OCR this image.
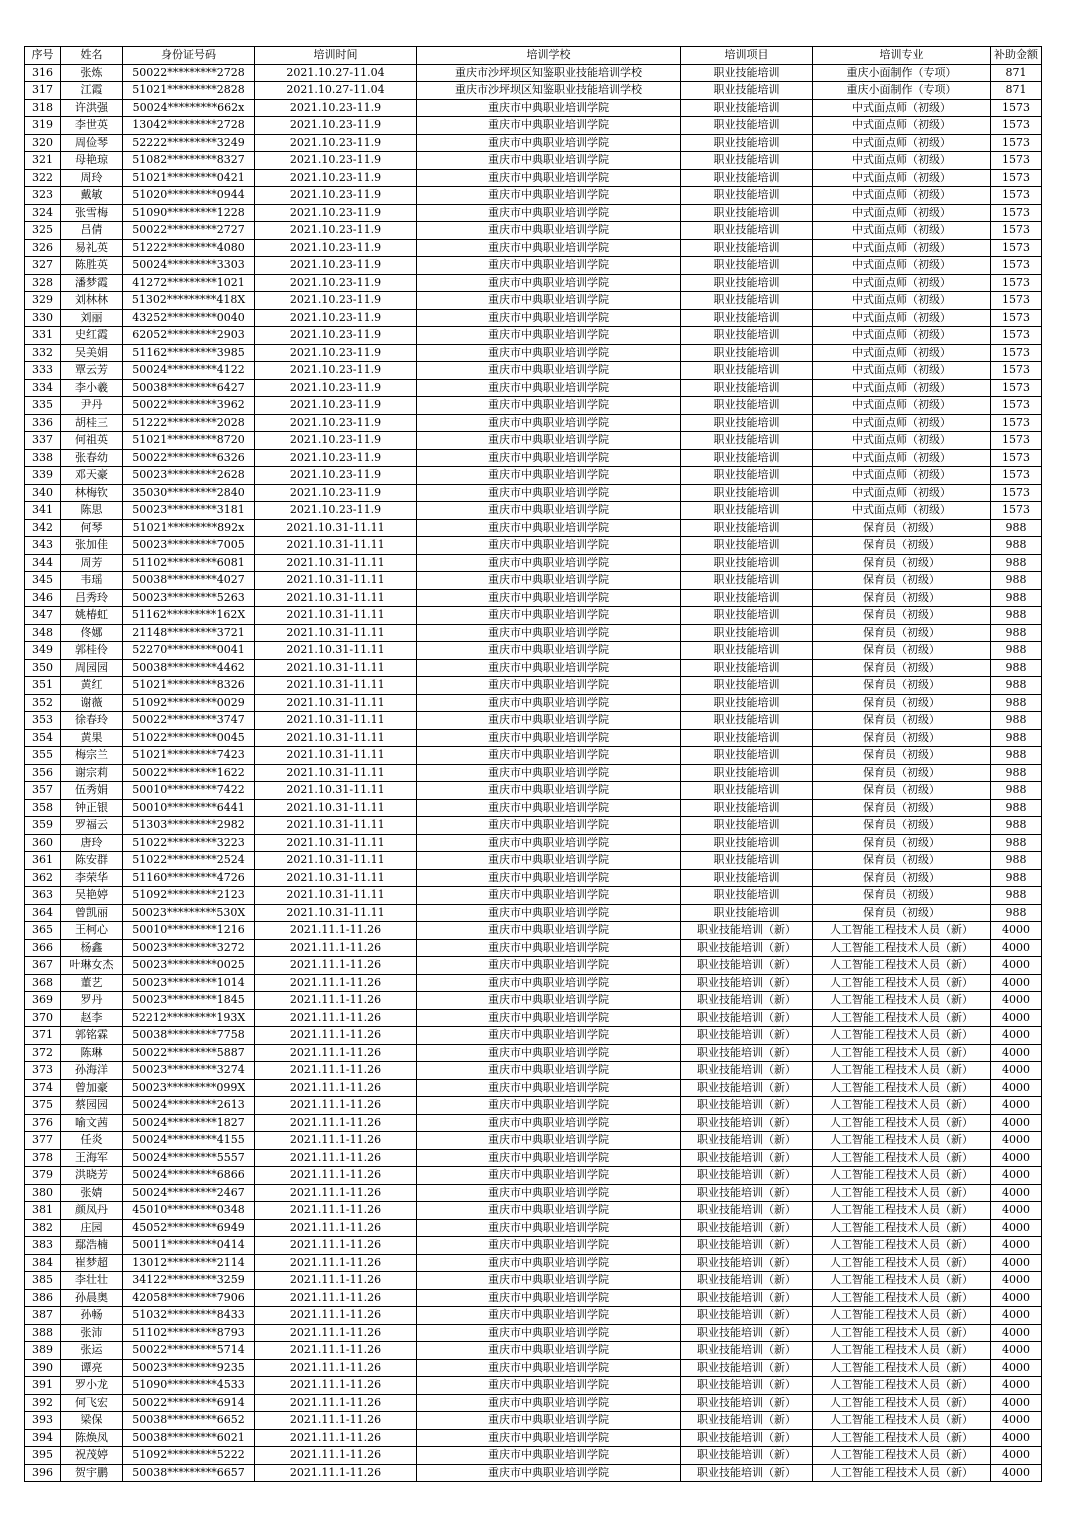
序号	姓名	身份证号码	培训时间	培训学校	培训项目	培训专业	补助金额
316	张炼	50022*********2728	2021.10.27-11.04	重庆市沙坪坝区知鉴职业技能培训学校	职业技能培训	重庆小面制作（专项）	871
317	江霞	51021*********2828	2021.10.27-11.04	重庆市沙坪坝区知鉴职业技能培训学校	职业技能培训	重庆小面制作（专项）	871
318	许洪强	50024*********662x	2021.10.23-11.9	重庆市中典职业培训学院	职业技能培训	中式面点师（初级）	1573
319	李世英	13042*********2728	2021.10.23-11.9	重庆市中典职业培训学院	职业技能培训	中式面点师（初级）	1573
320	周俭琴	52222*********3249	2021.10.23-11.9	重庆市中典职业培训学院	职业技能培训	中式面点师（初级）	1573
321	母艳琼	51082*********8327	2021.10.23-11.9	重庆市中典职业培训学院	职业技能培训	中式面点师（初级）	1573
322	周玲	51021*********0421	2021.10.23-11.9	重庆市中典职业培训学院	职业技能培训	中式面点师（初级）	1573
323	戴敏	51020*********0944	2021.10.23-11.9	重庆市中典职业培训学院	职业技能培训	中式面点师（初级）	1573
324	张雪梅	51090*********1228	2021.10.23-11.9	重庆市中典职业培训学院	职业技能培训	中式面点师（初级）	1573
325	吕倩	50022*********2727	2021.10.23-11.9	重庆市中典职业培训学院	职业技能培训	中式面点师（初级）	1573
326	易礼英	51222*********4080	2021.10.23-11.9	重庆市中典职业培训学院	职业技能培训	中式面点师（初级）	1573
327	陈胜英	50024*********3303	2021.10.23-11.9	重庆市中典职业培训学院	职业技能培训	中式面点师（初级）	1573
328	潘梦霞	41272*********1021	2021.10.23-11.9	重庆市中典职业培训学院	职业技能培训	中式面点师（初级）	1573
329	刘林林	51302*********418X	2021.10.23-11.9	重庆市中典职业培训学院	职业技能培训	中式面点师（初级）	1573
330	刘丽	43252*********0040	2021.10.23-11.9	重庆市中典职业培训学院	职业技能培训	中式面点师（初级）	1573
331	史红霞	62052*********2903	2021.10.23-11.9	重庆市中典职业培训学院	职业技能培训	中式面点师（初级）	1573
332	吴美娟	51162*********3985	2021.10.23-11.9	重庆市中典职业培训学院	职业技能培训	中式面点师（初级）	1573
333	覃云芳	50024*********4122	2021.10.23-11.9	重庆市中典职业培训学院	职业技能培训	中式面点师（初级）	1573
334	李小羲	50038*********6427	2021.10.23-11.9	重庆市中典职业培训学院	职业技能培训	中式面点师（初级）	1573
335	尹丹	50022*********3962	2021.10.23-11.9	重庆市中典职业培训学院	职业技能培训	中式面点师（初级）	1573
336	胡桂三	51222*********2028	2021.10.23-11.9	重庆市中典职业培训学院	职业技能培训	中式面点师（初级）	1573
337	何祖英	51021*********8720	2021.10.23-11.9	重庆市中典职业培训学院	职业技能培训	中式面点师（初级）	1573
338	张春幼	50022*********6326	2021.10.23-11.9	重庆市中典职业培训学院	职业技能培训	中式面点师（初级）	1573
339	邓天豪	50023*********2628	2021.10.23-11.9	重庆市中典职业培训学院	职业技能培训	中式面点师（初级）	1573
340	林梅钦	35030*********2840	2021.10.23-11.9	重庆市中典职业培训学院	职业技能培训	中式面点师（初级）	1573
341	陈思	50023*********3181	2021.10.23-11.9	重庆市中典职业培训学院	职业技能培训	中式面点师（初级）	1573
342	何琴	51021*********892x	2021.10.31-11.11	重庆市中典职业培训学院	职业技能培训	保育员（初级）	988
343	张加佳	50023*********7005	2021.10.31-11.11	重庆市中典职业培训学院	职业技能培训	保育员（初级）	988
344	周芳	51102*********6081	2021.10.31-11.11	重庆市中典职业培训学院	职业技能培训	保育员（初级）	988
345	韦瑶	50038*********4027	2021.10.31-11.11	重庆市中典职业培训学院	职业技能培训	保育员（初级）	988
346	吕秀玲	50023*********5263	2021.10.31-11.11	重庆市中典职业培训学院	职业技能培训	保育员（初级）	988
347	姚椿虹	51162*********162X	2021.10.31-11.11	重庆市中典职业培训学院	职业技能培训	保育员（初级）	988
348	佟娜	21148*********3721	2021.10.31-11.11	重庆市中典职业培训学院	职业技能培训	保育员（初级）	988
349	郭桂伶	52270*********0041	2021.10.31-11.11	重庆市中典职业培训学院	职业技能培训	保育员（初级）	988
350	周园园	50038*********4462	2021.10.31-11.11	重庆市中典职业培训学院	职业技能培训	保育员（初级）	988
351	黄红	51021*********8326	2021.10.31-11.11	重庆市中典职业培训学院	职业技能培训	保育员（初级）	988
352	谢薇	51092*********0029	2021.10.31-11.11	重庆市中典职业培训学院	职业技能培训	保育员（初级）	988
353	徐春玲	50022*********3747	2021.10.31-11.11	重庆市中典职业培训学院	职业技能培训	保育员（初级）	988
354	黄果	51022*********0045	2021.10.31-11.11	重庆市中典职业培训学院	职业技能培训	保育员（初级）	988
355	梅宗兰	51021*********7423	2021.10.31-11.11	重庆市中典职业培训学院	职业技能培训	保育员（初级）	988
356	谢宗莉	50022*********1622	2021.10.31-11.11	重庆市中典职业培训学院	职业技能培训	保育员（初级）	988
357	伍秀娟	50010*********7422	2021.10.31-11.11	重庆市中典职业培训学院	职业技能培训	保育员（初级）	988
358	钟正银	50010*********6441	2021.10.31-11.11	重庆市中典职业培训学院	职业技能培训	保育员（初级）	988
359	罗福云	51303*********2982	2021.10.31-11.11	重庆市中典职业培训学院	职业技能培训	保育员（初级）	988
360	唐玲	51022*********3223	2021.10.31-11.11	重庆市中典职业培训学院	职业技能培训	保育员（初级）	988
361	陈安群	51022*********2524	2021.10.31-11.11	重庆市中典职业培训学院	职业技能培训	保育员（初级）	988
362	李荣华	51160*********4726	2021.10.31-11.11	重庆市中典职业培训学院	职业技能培训	保育员（初级）	988
363	吴艳婷	51092*********2123	2021.10.31-11.11	重庆市中典职业培训学院	职业技能培训	保育员（初级）	988
364	曾凯丽	50023*********530X	2021.10.31-11.11	重庆市中典职业培训学院	职业技能培训	保育员（初级）	988
365	王柯心	50010*********1216	2021.11.1-11.26	重庆市中典职业培训学院	职业技能培训（新）	人工智能工程技术人员（新）	4000
366	杨鑫	50023*********3272	2021.11.1-11.26	重庆市中典职业培训学院	职业技能培训（新）	人工智能工程技术人员（新）	4000
367	叶琳女杰	50023*********0025	2021.11.1-11.26	重庆市中典职业培训学院	职业技能培训（新）	人工智能工程技术人员（新）	4000
368	董艺	50023*********1014	2021.11.1-11.26	重庆市中典职业培训学院	职业技能培训（新）	人工智能工程技术人员（新）	4000
369	罗丹	50023*********1845	2021.11.1-11.26	重庆市中典职业培训学院	职业技能培训（新）	人工智能工程技术人员（新）	4000
370	赵李	52212*********193X	2021.11.1-11.26	重庆市中典职业培训学院	职业技能培训（新）	人工智能工程技术人员（新）	4000
371	郭铭霖	50038*********7758	2021.11.1-11.26	重庆市中典职业培训学院	职业技能培训（新）	人工智能工程技术人员（新）	4000
372	陈琳	50022*********5887	2021.11.1-11.26	重庆市中典职业培训学院	职业技能培训（新）	人工智能工程技术人员（新）	4000
373	孙海洋	50023*********3274	2021.11.1-11.26	重庆市中典职业培训学院	职业技能培训（新）	人工智能工程技术人员（新）	4000
374	曾加豪	50023*********099X	2021.11.1-11.26	重庆市中典职业培训学院	职业技能培训（新）	人工智能工程技术人员（新）	4000
375	蔡园园	50024*********2613	2021.11.1-11.26	重庆市中典职业培训学院	职业技能培训（新）	人工智能工程技术人员（新）	4000
376	喻文茜	50024*********1827	2021.11.1-11.26	重庆市中典职业培训学院	职业技能培训（新）	人工智能工程技术人员（新）	4000
377	任炎	50024*********4155	2021.11.1-11.26	重庆市中典职业培训学院	职业技能培训（新）	人工智能工程技术人员（新）	4000
378	王海军	50024*********5557	2021.11.1-11.26	重庆市中典职业培训学院	职业技能培训（新）	人工智能工程技术人员（新）	4000
379	洪晓芳	50024*********6866	2021.11.1-11.26	重庆市中典职业培训学院	职业技能培训（新）	人工智能工程技术人员（新）	4000
380	张婧	50024*********2467	2021.11.1-11.26	重庆市中典职业培训学院	职业技能培训（新）	人工智能工程技术人员（新）	4000
381	颜凤丹	45010*********0348	2021.11.1-11.26	重庆市中典职业培训学院	职业技能培训（新）	人工智能工程技术人员（新）	4000
382	庄园	45052*********6949	2021.11.1-11.26	重庆市中典职业培训学院	职业技能培训（新）	人工智能工程技术人员（新）	4000
383	鄢浩楠	50011*********0414	2021.11.1-11.26	重庆市中典职业培训学院	职业技能培训（新）	人工智能工程技术人员（新）	4000
384	崔梦超	13012*********2114	2021.11.1-11.26	重庆市中典职业培训学院	职业技能培训（新）	人工智能工程技术人员（新）	4000
385	李壮壮	34122*********3259	2021.11.1-11.26	重庆市中典职业培训学院	职业技能培训（新）	人工智能工程技术人员（新）	4000
386	孙晨奥	42058*********7906	2021.11.1-11.26	重庆市中典职业培训学院	职业技能培训（新）	人工智能工程技术人员（新）	4000
387	孙畅	51032*********8433	2021.11.1-11.26	重庆市中典职业培训学院	职业技能培训（新）	人工智能工程技术人员（新）	4000
388	张沛	51102*********8793	2021.11.1-11.26	重庆市中典职业培训学院	职业技能培训（新）	人工智能工程技术人员（新）	4000
389	张运	50022*********5714	2021.11.1-11.26	重庆市中典职业培训学院	职业技能培训（新）	人工智能工程技术人员（新）	4000
390	谭亮	50023*********9235	2021.11.1-11.26	重庆市中典职业培训学院	职业技能培训（新）	人工智能工程技术人员（新）	4000
391	罗小龙	51090*********4533	2021.11.1-11.26	重庆市中典职业培训学院	职业技能培训（新）	人工智能工程技术人员（新）	4000
392	何飞宏	50022*********6914	2021.11.1-11.26	重庆市中典职业培训学院	职业技能培训（新）	人工智能工程技术人员（新）	4000
393	梁保	50038*********6652	2021.11.1-11.26	重庆市中典职业培训学院	职业技能培训（新）	人工智能工程技术人员（新）	4000
394	陈焕凤	50038*********6021	2021.11.1-11.26	重庆市中典职业培训学院	职业技能培训（新）	人工智能工程技术人员（新）	4000
395	祝茂婷	51092*********5222	2021.11.1-11.26	重庆市中典职业培训学院	职业技能培训（新）	人工智能工程技术人员（新）	4000
396	贺宇鹏	50038*********6657	2021.11.1-11.26	重庆市中典职业培训学院	职业技能培训（新）	人工智能工程技术人员（新）	4000
